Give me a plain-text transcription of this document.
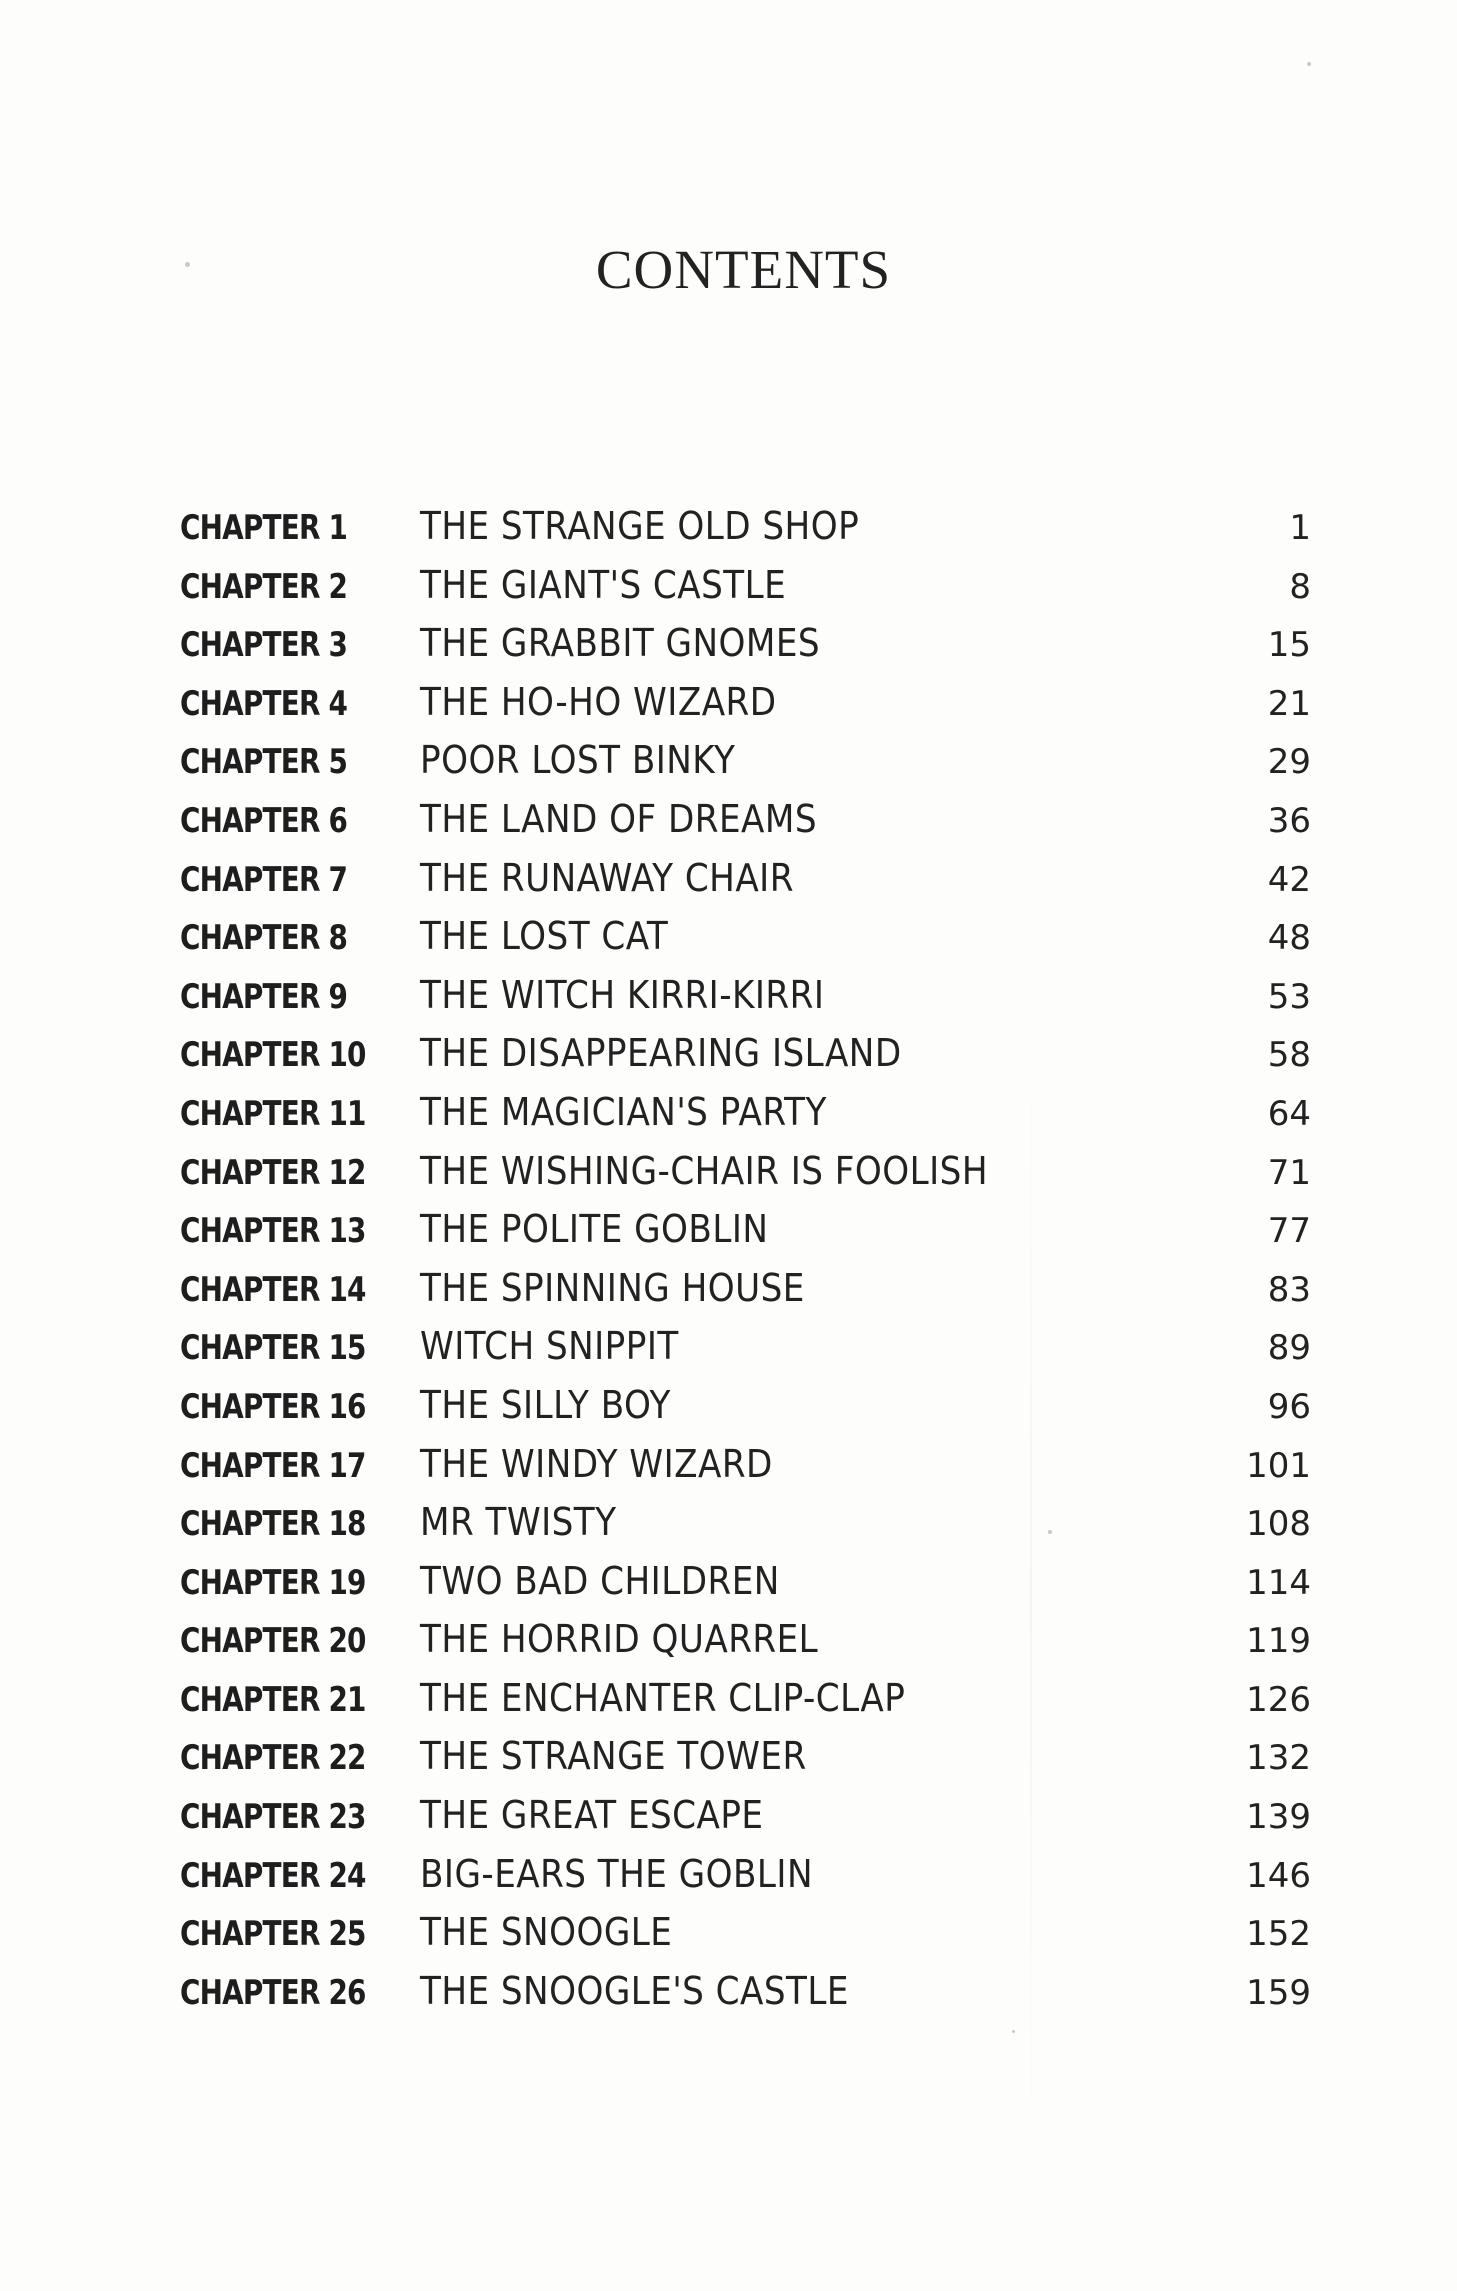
CONTENTS
CHAPTER 1	THE STRANGE OLD SHOP	1
CHAPTER 2	THE GIANT'S CASTLE	8
CHAPTER 3	THE GRABBIT GNOMES	15
CHAPTER 4	THE HO-HO WIZARD	21
CHAPTER 5	POOR LOST BINKY	29
CHAPTER 6	THE LAND OF DREAMS	36
CHAPTER 7	THE RUNAWAY CHAIR	42
CHAPTER 8	THE LOST CAT	48
CHAPTER 9	THE WITCH KIRRI-KIRRI	53
CHAPTER 10 THE DISAPPEARING ISLAND	58
CHAPTER 11 THE MAGICIAN'S PARTY	64
CHAPTER 12 THE WISHING-CHAIR IS FOOLISH	71
CHAPTER 13 THE POLITE GOBLIN	77
CHAPTER 14 THE SPINNING HOUSE	83
CHAPTER 15 WITCH SNIPPIT	89
CHAPTER 16 THE SILLY BOY	96
CHAPTER 17 THE WINDY WIZARD	101
CHAPTER 18 MR TWISTY	108
CHAPTER 19 TWO BAD CHILDREN	114
CHAPTER 20 THE HORRID QUARREL	119
CHAPTER 21 THE ENCHANTER CLIP-CLAP	126
CHAPTER 22 THE STRANGE TOWER	132
CHAPTER 23 THE GREAT ESCAPE	139
CHAPTER 24 BIG-EARS THE GOBLIN	146
CHAPTER 25 THE SNOOGLE	152
CHAPTER 26 THE SNOOGLE'S CASTLE	159
